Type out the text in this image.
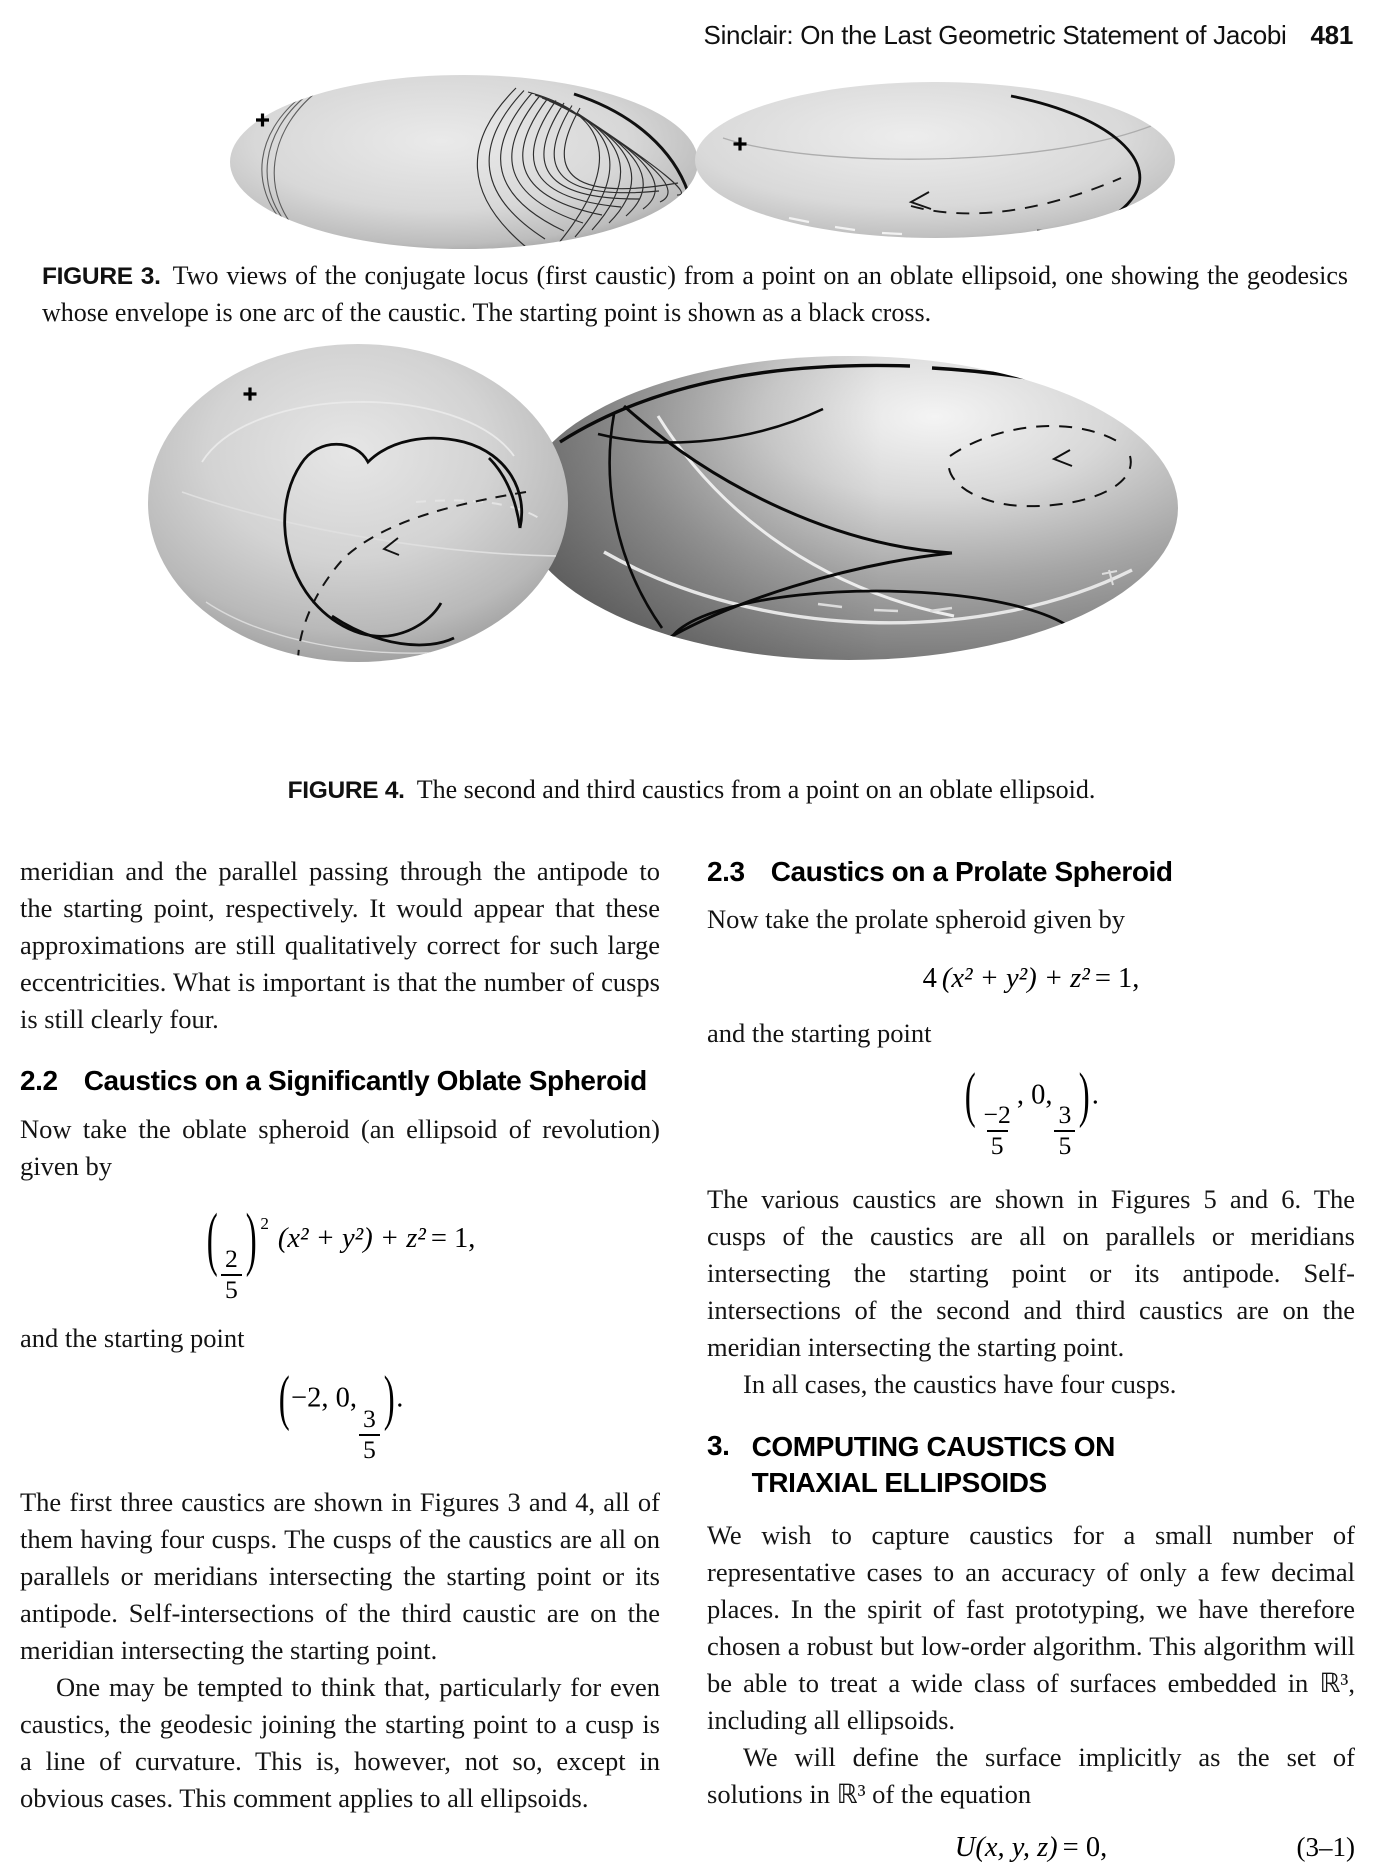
Sinclair: On the Last Geometric Statement of Jacobi 481
FIGURE 3. Two views of the conjugate locus (first caustic) from a point on an oblate ellipsoid, one showing the geodesics whose envelope is one arc of the caustic. The starting point is shown as a black cross.
FIGURE 4. The second and third caustics from a point on an oblate ellipsoid.

meridian and the parallel passing through the antipode to the starting point, respectively. It would appear that these approximations are still qualitatively correct for such large eccentricities. What is important is that the number of cusps is still clearly four.

2.2 Caustics on a Significantly Oblate Spheroid

Now take the oblate spheroid (an ellipsoid of revolution) given by

( $\frac{2}{5}$ ) $^2$ (x² + y²) + z² = 1,

and the starting point

(−2, 0,
$\frac{3}{5}$
).

The first three caustics are shown in Figures 3 and 4, all of them having four cusps. The cusps of the caustics are all on parallels or meridians intersecting the starting point or its antipode. Self-intersections of the third caustic are on the meridian intersecting the starting point.

One may be tempted to think that, particularly for even caustics, the geodesic joining the starting point to a cusp is a line of curvature. This is, however, not so, except in obvious cases. This comment applies to all ellipsoids.

2.3 Caustics on a Prolate Spheroid

Now take the prolate spheroid given by

4 (x² + y²) + z² = 1,

and the starting point

(
$\frac{-2}{5}$
, 0,
$\frac{3}{5}$
).

The various caustics are shown in Figures 5 and 6. The cusps of the caustics are all on parallels or meridians intersecting the starting point or its antipode. Self-intersections of the second and third caustics are on the meridian intersecting the starting point.

In all cases, the caustics have four cusps.

3. COMPUTING CAUSTICS ON
TRIAXIAL ELLIPSOIDS

We wish to capture caustics for a small number of representative cases to an accuracy of only a few decimal places. In the spirit of fast prototyping, we have therefore chosen a robust but low-order algorithm. This algorithm will be able to treat a wide class of surfaces embedded in ℝ³, including all ellipsoids.

We will define the surface implicitly as the set of solutions in ℝ³ of the equation

U(x, y, z) = 0,	(3–1)
